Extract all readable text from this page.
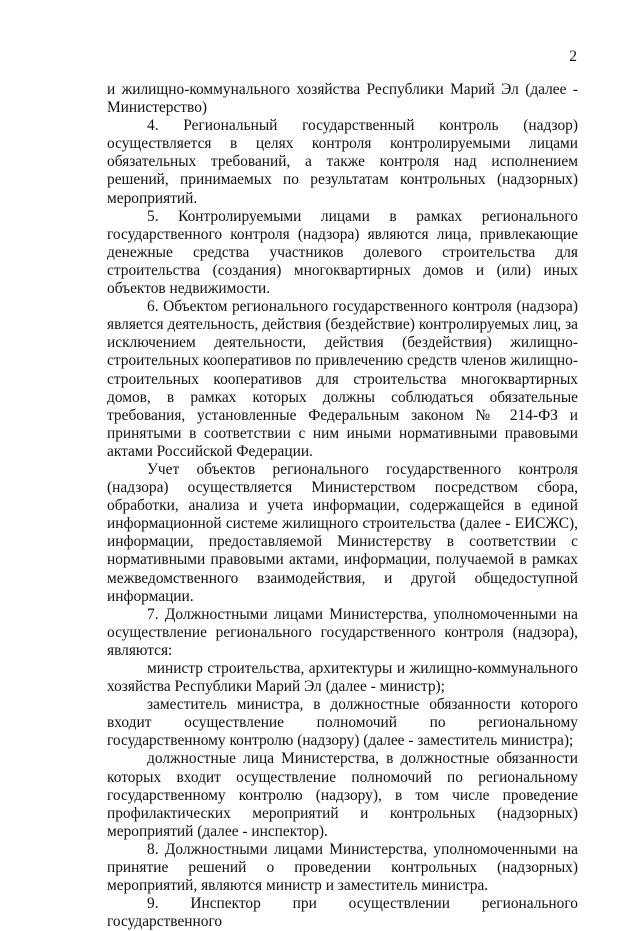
2

и жилищно-коммунального хозяйства Республики Марий Эл (далее - Министерство)

4. Региональный государственный контроль (надзор) осуществляется в целях контроля контролируемыми лицами обязательных требований, а также контроля над исполнением решений, принимаемых по результатам контрольных (надзорных) мероприятий.

5. Контролируемыми лицами в рамках регионального государственного контроля (надзора) являются лица, привлекающие денежные средства участников долевого строительства для строительства (создания) многоквартирных домов и (или) иных объектов недвижимости.

6. Объектом регионального государственного контроля (надзора) является деятельность, действия (бездействие) контролируемых лиц, за исключением деятельности, действия (бездействия) жилищно-строительных кооперативов по привлечению средств членов жилищно-строительных кооперативов для строительства многоквартирных домов, в рамках которых должны соблюдаться обязательные требования, установленные Федеральным законом № 214-ФЗ и принятыми в соответствии с ним иными нормативными правовыми актами Российской Федерации.

Учет объектов регионального государственного контроля (надзора) осуществляется Министерством посредством сбора, обработки, анализа и учета информации, содержащейся в единой информационной системе жилищного строительства (далее - ЕИСЖС), информации, предоставляемой Министерству в соответствии с нормативными правовыми актами, информации, получаемой в рамках межведомственного взаимодействия, и другой общедоступной информации.

7. Должностными лицами Министерства, уполномоченными на осуществление регионального государственного контроля (надзора), являются:

министр строительства, архитектуры и жилищно-коммунального хозяйства Республики Марий Эл (далее - министр);

заместитель министра, в должностные обязанности которого входит осуществление полномочий по региональному государственному контролю (надзору) (далее - заместитель министра);

должностные лица Министерства, в должностные обязанности которых входит осуществление полномочий по региональному государственному контролю (надзору), в том числе проведение профилактических мероприятий и контрольных (надзорных) мероприятий (далее - инспектор).

8. Должностными лицами Министерства, уполномоченными на принятие решений о проведении контрольных (надзорных) мероприятий, являются министр и заместитель министра.

9. Инспектор при осуществлении регионального государственного
